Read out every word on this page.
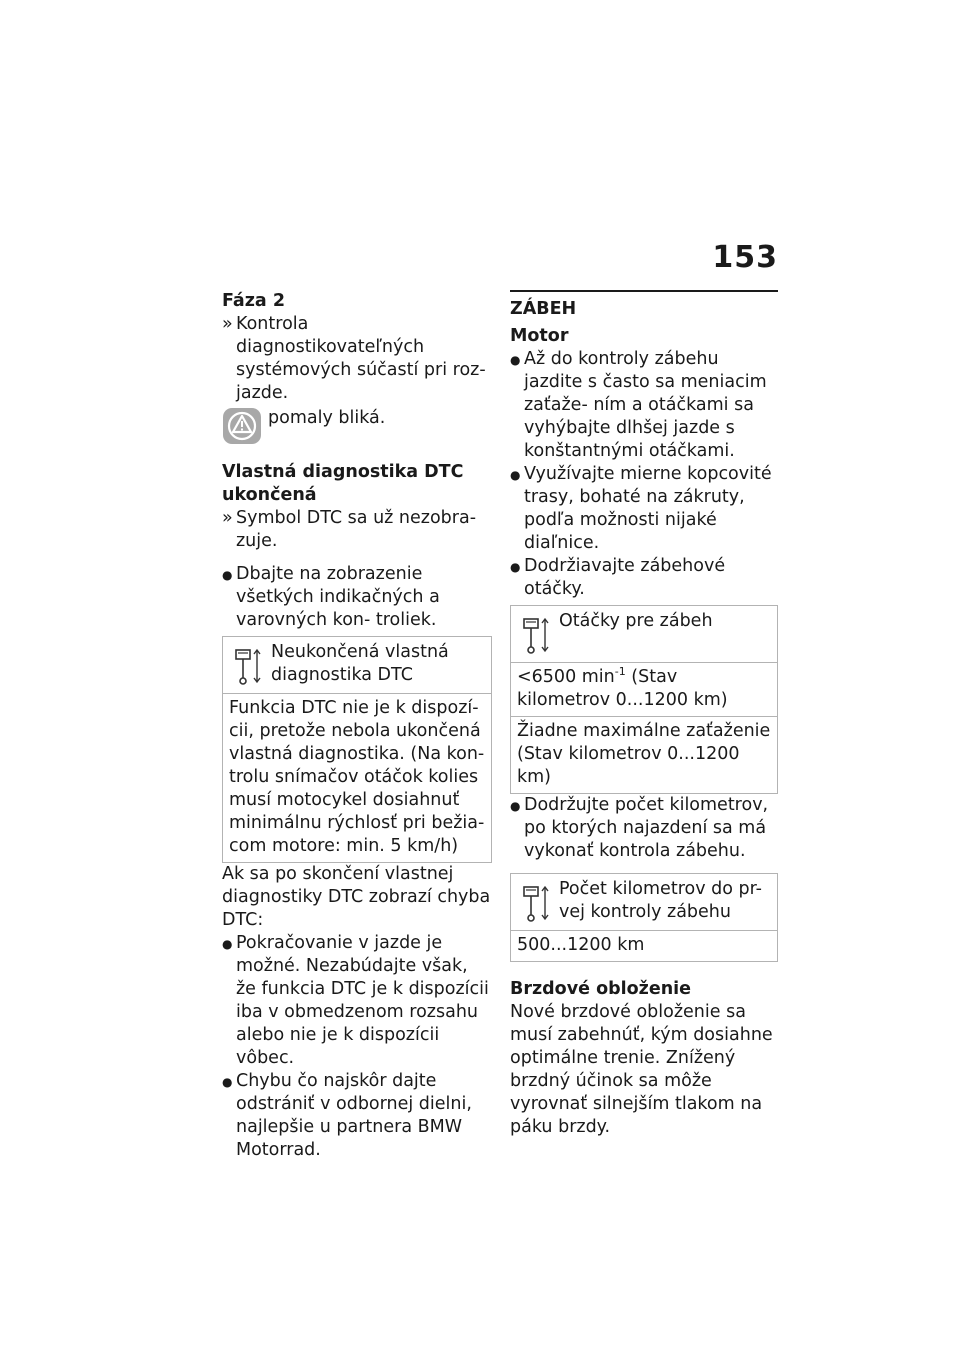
153

Fáza 2

» Kontrola diagnostikovateľných systémových súčastí pri roz- jazde.

pomaly bliká.

Vlastná diagnostika DTC ukončená

» Symbol DTC sa už nezobra- zuje.

● Dbajte na zobrazenie všetkých indikačných a varovných kon- troliek.

Neukončená vlastná diagnostika DTC
Funkcia DTC nie je k dispozí- cii, pretože nebola ukončená vlastná diagnostika. (Na kon- trolu snímačov otáčok kolies musí motocykel dosiahnuť minimálnu rýchlosť pri bežia- com motore: min. 5 km/h)

Ak sa po skončení vlastnej diagnostiky DTC zobrazí chyba DTC:

● Pokračovanie v jazde je možné. Nezabúdajte však, že funkcia DTC je k dispozícii iba v obmedzenom rozsahu alebo nie je k dispozícii vôbec.

● Chybu čo najskôr dajte odstrániť v odbornej dielni, najlepšie u partnera BMW Motorrad.

ZÁBEH

Motor

● Až do kontroly zábehu jazdite s často sa meniacim zaťaže- ním a otáčkami sa vyhýbajte dlhšej jazde s konštantnými otáčkami.

● Využívajte mierne kopcovité trasy, bohaté na zákruty, podľa možnosti nijaké diaľnice.

● Dodržiavajte zábehové otáčky.

Otáčky pre zábeh
<6500 $\min^{-1}$ (Stav kilometrov 0...1200 km)
Žiadne maximálne zaťaženie (Stav kilometrov 0...1200 km)

● Dodržujte počet kilometrov, po ktorých najazdení sa má vykonať kontrola zábehu.

Počet kilometrov do pr- vej kontroly zábehu
500...1200 km

Brzdové obloženie

Nové brzdové obloženie sa musí zabehnúť, kým dosiahne optimálne trenie. Znížený brzdný účinok sa môže vyrovnať silnejším tlakom na páku brzdy.
